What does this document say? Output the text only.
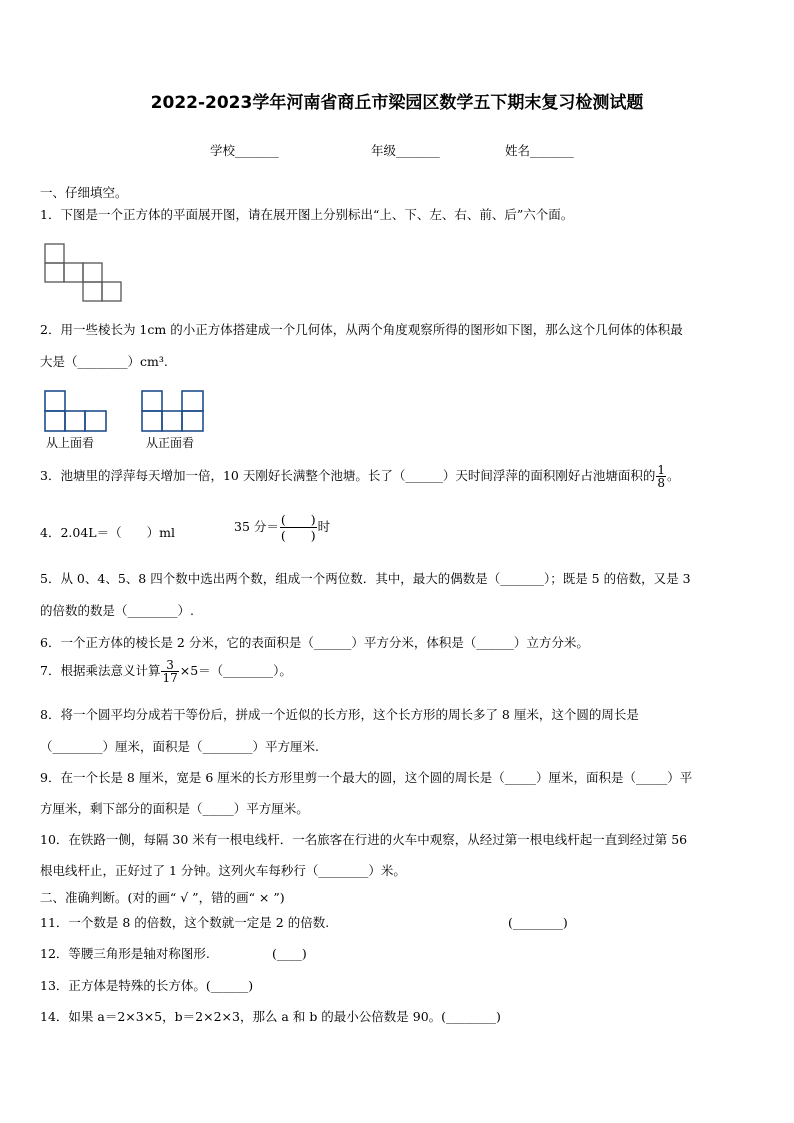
2022-2023学年河南省商丘市梁园区数学五下期末复习检测试题
学校_______	年级_______	姓名_______
一、仔细填空。
1．下图是一个正方体的平面展开图，请在展开图上分别标出“上、下、左、右、前、后”六个面。
2．用一些棱长为 1cm 的小正方体搭建成一个几何体，从两个角度观察所得的图形如下图，那么这个几何体的体积最
大是（________）cm³.
从上面看	从正面看
3．池塘里的浮萍每天增加一倍，10 天刚好长满整个池塘。长了（______）天时间浮萍的面积刚好占池塘面积的 $\frac{1}{8}$ 。
4．2.04L＝（　　）ml	35 分＝ $\frac{( )}{( )}$ 时
5．从 0、4、5、8 四个数中选出两个数，组成一个两位数．其中，最大的偶数是（_______）；既是 5 的倍数，又是 3
的倍数的数是（________）.
6．一个正方体的棱长是 2 分米，它的表面积是（______）平方分米，体积是（______）立方分米。
7．根据乘法意义计算 $\frac{3}{17}$ ×5＝（________）。
8．将一个圆平均分成若干等份后，拼成一个近似的长方形，这个长方形的周长多了 8 厘米，这个圆的周长是
（________）厘米，面积是（________）平方厘米.
9．在一个长是 8 厘米，宽是 6 厘米的长方形里剪一个最大的圆，这个圆的周长是（_____）厘米，面积是（_____）平
方厘米，剩下部分的面积是（_____）平方厘米。
10．在铁路一侧，每隔 30 米有一根电线杆．一名旅客在行进的火车中观察，从经过第一根电线杆起一直到经过第 56
根电线杆止，正好过了 1 分钟。这列火车每秒行（________）米。
二、准确判断。(对的画“ √ ”，错的画“ × ”)
11．一个数是 8 的倍数，这个数就一定是 2 的倍数.	(________)
12．等腰三角形是轴对称图形.	(____)
13．正方体是特殊的长方体。(______)
14．如果 a＝2×3×5，b＝2×2×3，那么 a 和 b 的最小公倍数是 90。(________)
